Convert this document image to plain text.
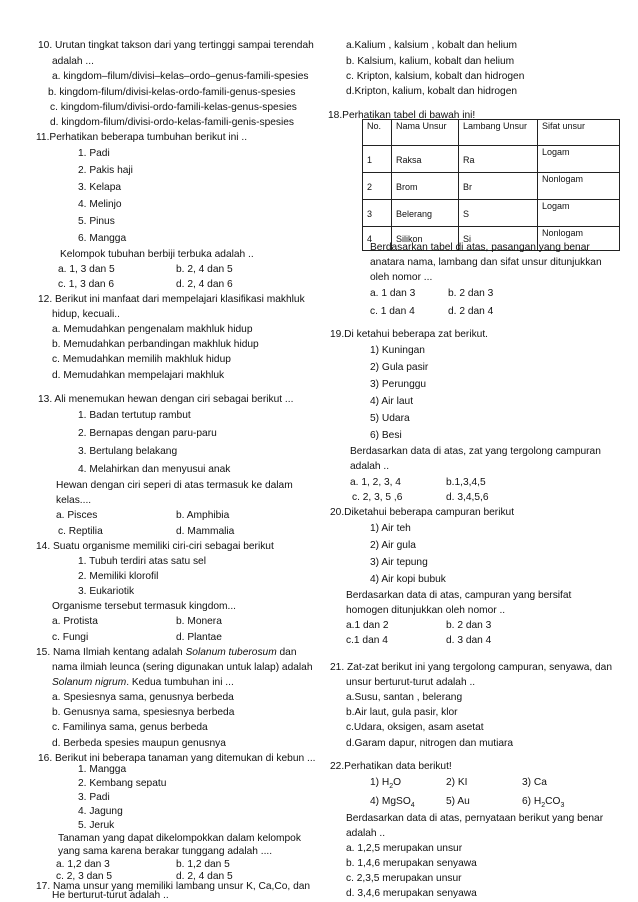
10. Urutan tingkat takson dari yang tertinggi sampai terendah
adalah ...
a. kingdom–filum/divisi–kelas–ordo–genus-famili-spesies
b. kingdom-filum/divisi-kelas-ordo-famili-genus-spesies
c. kingdom-filum/divisi-ordo-famili-kelas-genus-spesies
d. kingdom-filum/divisi-ordo-kelas-famili-genis-spesies
11.Perhatikan beberapa tumbuhan berikut ini ..
1. Padi
2. Pakis haji
3. Kelapa
4. Melinjo
5. Pinus
6. Mangga
Kelompok tubuhan berbiji terbuka adalah ..
a. 1, 3 dan 5	b. 2, 4 dan 5
c. 1, 3 dan 6	d. 2, 4 dan 6
12. Berikut ini manfaat dari mempelajari klasifikasi makhluk
hidup, kecuali..
a. Memudahkan pengenalam makhluk hidup
b. Memudahkan perbandingan makhluk hidup
c. Memudahkan memilih makhluk hidup
d. Memudahkan mempelajari makhluk
13. Ali menemukan hewan dengan ciri sebagai berikut ...
1. Badan tertutup rambut
2. Bernapas dengan paru-paru
3. Bertulang belakang
4. Melahirkan dan menyusui anak
Hewan dengan ciri seperi di atas termasuk ke dalam
kelas....
a. Pisces	b. Amphibia
c. Reptilia	d. Mammalia
14. Suatu organisme memiliki ciri-ciri sebagai berikut
1. Tubuh terdiri atas satu sel
2. Memiliki klorofil
3. Eukariotik
Organisme tersebut termasuk kingdom...
a. Protista	b. Monera
c. Fungi	d. Plantae
15. Nama Ilmiah kentang adalah Solanum tuberosum dan
nama ilmiah leunca (sering digunakan untuk lalap) adalah
Solanum nigrum. Kedua tumbuhan ini ...
a. Spesiesnya sama, genusnya berbeda
b. Genusnya sama, spesiesnya berbeda
c. Familinya sama, genus berbeda
d. Berbeda spesies maupun genusnya
16. Berikut ini beberapa tanaman yang ditemukan di kebun ...
1. Mangga
2. Kembang sepatu
3. Padi
4. Jagung
5. Jeruk
Tanaman yang dapat dikelompokkan dalam kelompok
a.Kalium , kalsium , kobalt dan helium
b. Kalsium, kalium, kobalt dan helium
c. Kripton, kalsium, kobalt dan hidrogen
d.Kripton, kalium, kobalt dan hidrogen
18.Perhatikan tabel di bawah ini!
No.	Nama Unsur	Lambang Unsur	Sifat unsur
1	Raksa	Ra	Logam
2	Brom	Br	Nonlogam
3	Belerang	S	Logam
4	Silikon	Si	Nonlogam
Berdasarkan tabel di atas, pasangan yang benar
anatara nama, lambang dan sifat unsur ditunjukkan
oleh nomor ...
a. 1 dan 3	b. 2 dan 3
c. 1 dan 4	d. 2 dan 4
19.Di ketahui beberapa zat berikut.
1) Kuningan
2) Gula pasir
3) Perunggu
4) Air laut
5) Udara
6) Besi
Berdasarkan data di atas, zat yang tergolong campuran
adalah ..
a. 1, 2, 3, 4	b.1,3,4,5
c. 2, 3, 5 ,6	d. 3,4,5,6
20.Diketahui beberapa campuran berikut
1) Air teh
2) Air gula
3) Air tepung
4) Air kopi bubuk
Berdasarkan data di atas, campuran yang bersifat
homogen ditunjukkan oleh nomor ..
a.1 dan 2	b. 2 dan 3
c.1 dan 4	d. 3 dan 4
21. Zat-zat berikut ini yang tergolong campuran, senyawa, dan
unsur berturut-turut adalah ..
a.Susu, santan , belerang
b.Air laut, gula pasir, klor
c.Udara, oksigen, asam asetat
d.Garam dapur, nitrogen dan mutiara
22.Perhatikan data berikut!
1) $H_2O$	2) KI	3) Ca
4) MgSO$_4$	5) Au	6) $H_2CO_3$
Berdasarkan data di atas, pernyataan berikut yang benar
adalah ..
a. 1,2,5 merupakan unsur
b. 1,4,6 merupakan senyawa
c. 2,3,5 merupakan unsur
d. 3,4,6 merupakan senyawa
yang sama karena berakar tunggang adalah ....
a. 1,2 dan 3	b. 1,2 dan 5
c. 2, 3 dan 5	d. 2, 4 dan 5
17. Nama unsur yang memiliki lambang unsur K, Ca,Co, dan
He berturut-turut adalah ..
